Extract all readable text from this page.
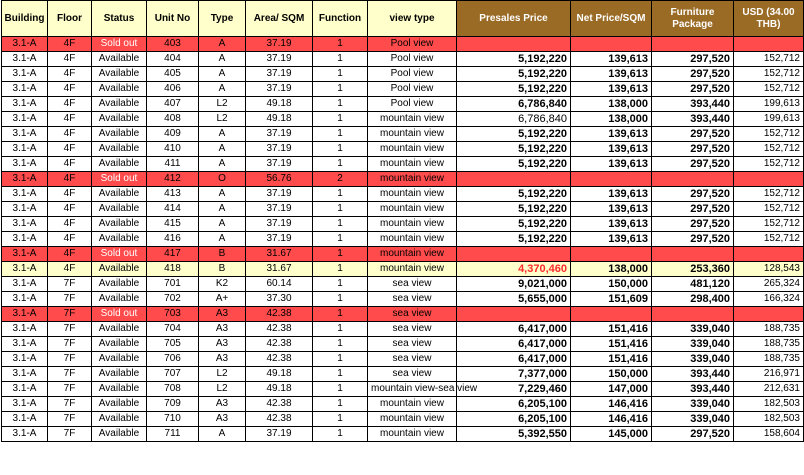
Building	Floor	Status	Unit No	Type	Area/ SQM	Function	view type	Presales Price	Net Price/SQM	Furniture Package	USD (34.00 THB)
3.1-A	4F	Sold out	403	A	37.19	1	Pool view				
3.1-A	4F	Available	404	A	37.19	1	Pool view	5,192,220	139,613	297,520	152,712
3.1-A	4F	Available	405	A	37.19	1	Pool view	5,192,220	139,613	297,520	152,712
3.1-A	4F	Available	406	A	37.19	1	Pool view	5,192,220	139,613	297,520	152,712
3.1-A	4F	Available	407	L2	49.18	1	Pool view	6,786,840	138,000	393,440	199,613
3.1-A	4F	Available	408	L2	49.18	1	mountain view	6,786,840	138,000	393,440	199,613
3.1-A	4F	Available	409	A	37.19	1	mountain view	5,192,220	139,613	297,520	152,712
3.1-A	4F	Available	410	A	37.19	1	mountain view	5,192,220	139,613	297,520	152,712
3.1-A	4F	Available	411	A	37.19	1	mountain view	5,192,220	139,613	297,520	152,712
3.1-A	4F	Sold out	412	O	56.76	2	mountain view				
3.1-A	4F	Available	413	A	37.19	1	mountain view	5,192,220	139,613	297,520	152,712
3.1-A	4F	Available	414	A	37.19	1	mountain view	5,192,220	139,613	297,520	152,712
3.1-A	4F	Available	415	A	37.19	1	mountain view	5,192,220	139,613	297,520	152,712
3.1-A	4F	Available	416	A	37.19	1	mountain view	5,192,220	139,613	297,520	152,712
3.1-A	4F	Sold out	417	B	31.67	1	mountain view				
3.1-A	4F	Available	418	B	31.67	1	mountain view	4,370,460	138,000	253,360	128,543
3.1-A	7F	Available	701	K2	60.14	1	sea view	9,021,000	150,000	481,120	265,324
3.1-A	7F	Available	702	A+	37.30	1	sea view	5,655,000	151,609	298,400	166,324
3.1-A	7F	Sold out	703	A3	42.38	1	sea view				
3.1-A	7F	Available	704	A3	42.38	1	sea view	6,417,000	151,416	339,040	188,735
3.1-A	7F	Available	705	A3	42.38	1	sea view	6,417,000	151,416	339,040	188,735
3.1-A	7F	Available	706	A3	42.38	1	sea view	6,417,000	151,416	339,040	188,735
3.1-A	7F	Available	707	L2	49.18	1	sea view	7,377,000	150,000	393,440	216,971
3.1-A	7F	Available	708	L2	49.18	1	mountain view-sea view	7,229,460	147,000	393,440	212,631
3.1-A	7F	Available	709	A3	42.38	1	mountain view	6,205,100	146,416	339,040	182,503
3.1-A	7F	Available	710	A3	42.38	1	mountain view	6,205,100	146,416	339,040	182,503
3.1-A	7F	Available	711	A	37.19	1	mountain view	5,392,550	145,000	297,520	158,604
